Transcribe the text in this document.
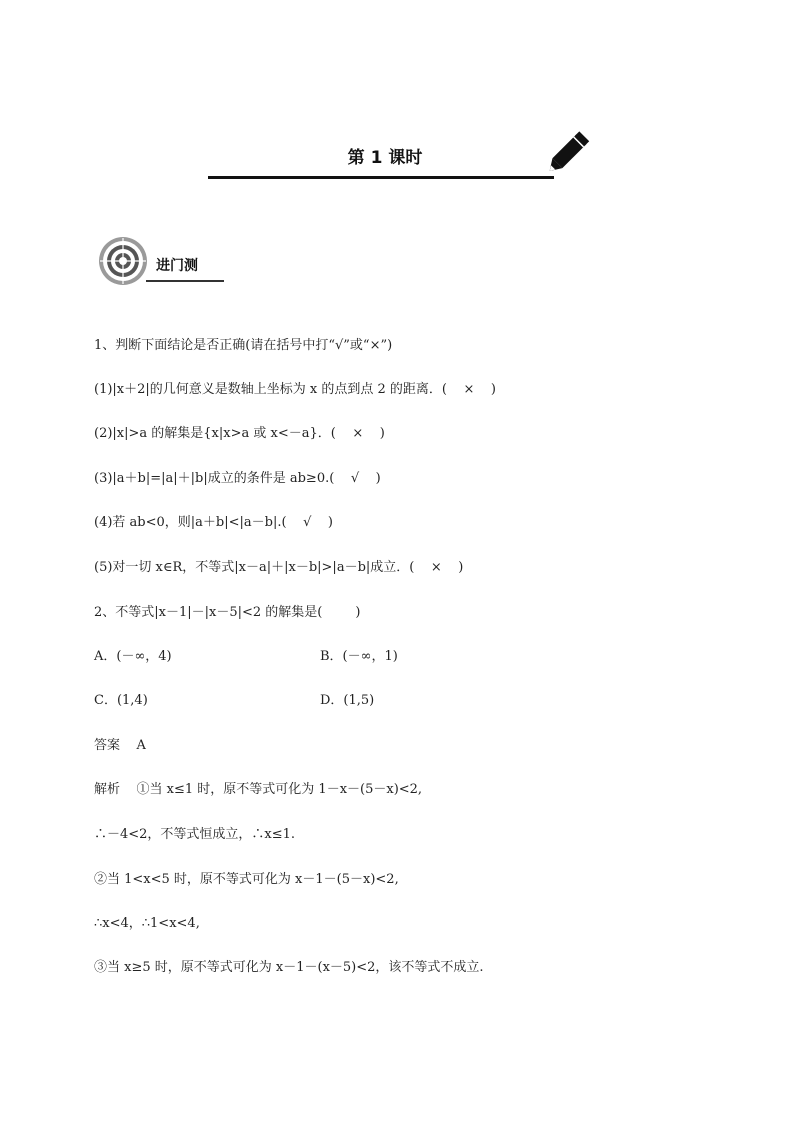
第 1 课时
进门测
1、判断下面结论是否正确(请在括号中打“√”或“×”)
(1)|x＋2|的几何意义是数轴上坐标为 x 的点到点 2 的距离．(    ×    )
(2)|x|>a 的解集是{x|x>a 或 x<－a}．(    ×    )
(3)|a＋b|=|a|＋|b|成立的条件是 ab≥0.(    √    )
(4)若 ab<0，则|a＋b|<|a－b|.(    √    )
(5)对一切 x∈R，不等式|x－a|＋|x－b|>|a－b|成立．(    ×    )
2、不等式|x－1|－|x－5|<2 的解集是(        )
A．(－∞，4)	B．(－∞，1)
C．(1,4)	D．(1,5)
答案    A
解析    ①当 x≤1 时，原不等式可化为 1－x－(5－x)<2,
∴－4<2，不等式恒成立，∴x≤1.
②当 1<x<5 时，原不等式可化为 x－1－(5－x)<2,
∴x<4，∴1<x<4,
③当 x≥5 时，原不等式可化为 x－1－(x－5)<2，该不等式不成立.
